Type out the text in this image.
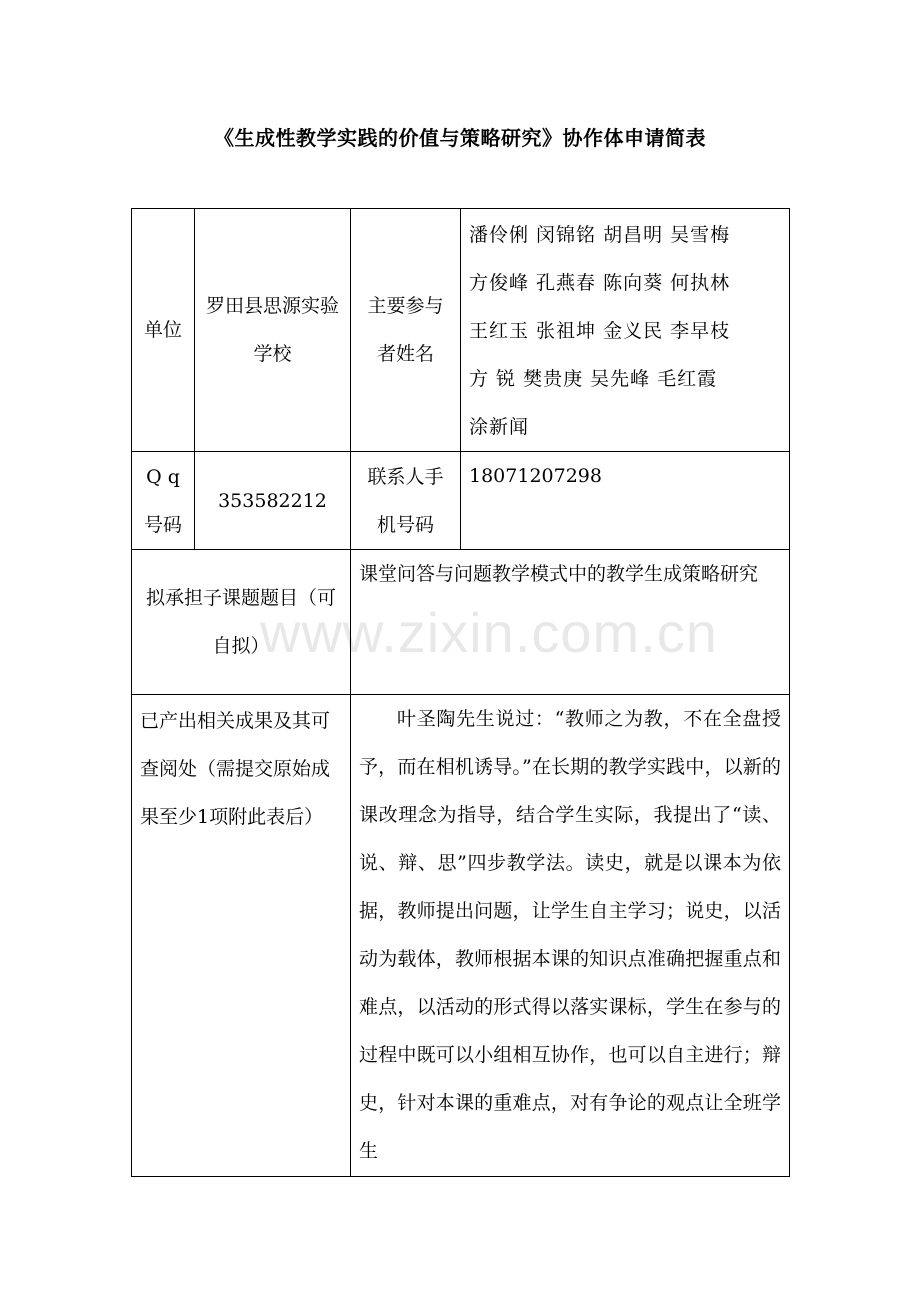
《生成性教学实践的价值与策略研究》协作体申请简表
单位	罗田县思源实验学校	主要参与者姓名	潘伶俐 闵锦铭 胡昌明 吴雪梅
方俊峰 孔燕春 陈向葵 何执林
王红玉 张祖坤 金义民 李早枝
方 锐 樊贵庚 吴先峰 毛红霞
涂新闻

Q q号码	353582212	联系人手机号码	18071207298
拟承担子课题题目（可自拟）		课堂问答与问题教学模式中的教学生成策略研究	
已产出相关成果及其可查阅处（需提交原始成果至少1项附此表后）		叶圣陶先生说过：“教师之为教，不在全盘授予，而在相机诱导。”在长期的教学实践中，以新的课改理念为指导，结合学生实际，我提出了“读、说、辩、思”四步教学法。读史，就是以课本为依据，教师提出问题，让学生自主学习；说史，以活动为载体，教师根据本课的知识点准确把握重点和难点，以活动的形式得以落实课标，学生在参与的过程中既可以小组相互协作，也可以自主进行；辩史，针对本课的重难点，对有争论的观点让全班学生	
www.zixin.com.cn
